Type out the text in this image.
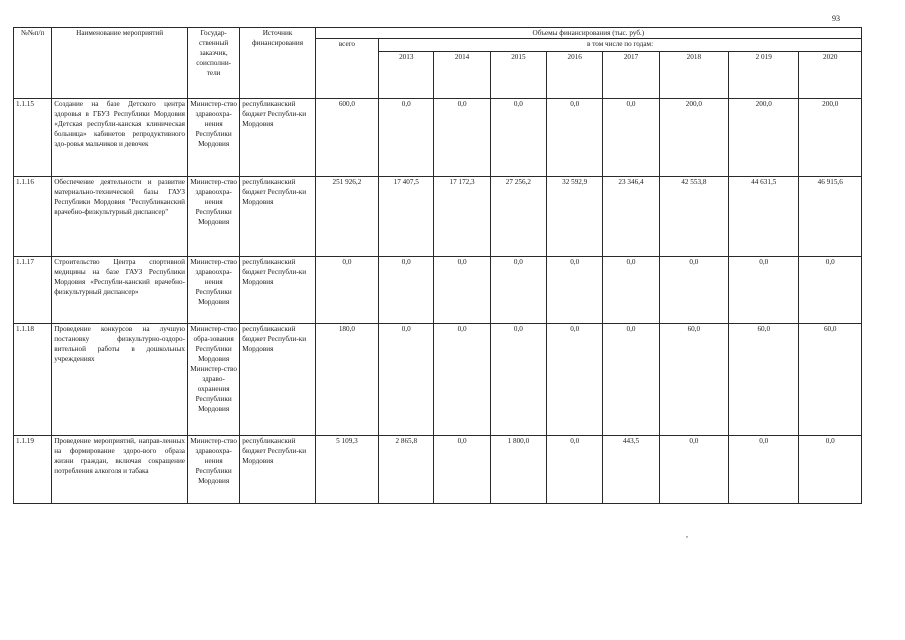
93
№№п/п	Наименование мероприятий	Государ-ственный заказчик, соисполни-тели	Источник финансирования	Объемы финансирования (тыс. руб.)								
				всего	в том числе по годам:							
					2013	2014	2015	2016	2017	2018	2 019	2020
1.1.15	Создание на базе Детского центра здоровья в ГБУЗ Республики Мордовия «Детская республи-канская клиническая больница» кабинетов репродуктивного здо-ровья мальчиков и девочек	Министер-ство здравоохра-нения Республики Мордовия	республиканский бюджет Республи-ки Мордовия	600,0	0,0	0,0	0,0	0,0	0,0	200,0	200,0	200,0
1.1.16	Обеспечение деятельности и развитие материально-технической базы ГАУЗ Республики Мордовия "Республиканский врачебно-физкультурный диспансер"	Министер-ство здравоохра-нения Республики Мордовия	республиканский бюджет Республи-ки Мордовия	251 926,2	17 407,5	17 172,3	27 256,2	32 592,9	23 346,4	42 553,8	44 631,5	46 915,6
1.1.17	Строительство Центра спортивной медицины на базе ГАУЗ Республики Мордовия «Республи-канский врачебно-физкультурный диспансер»	Министер-ство здравоохра-нения Республики Мордовия	республиканский бюджет Республи-ки Мордовия	0,0	0,0	0,0	0,0	0,0	0,0	0,0	0,0	0,0
1.1.18	Проведение конкурсов на лучшую постановку физкультурно-оздоро-вительной работы в дошкольных учреждениях	Министер-ство обра-зования Республики Мордовия Министер-ство здраво-охранения Республики Мордовия	республиканский бюджет Республи-ки Мордовия	180,0	0,0	0,0	0,0	0,0	0,0	60,0	60,0	60,0
1.1.19	Проведение мероприятий, направ-ленных на формирование здоро-вого образа жизни граждан, включая сокращение потребления алкоголя и табака	Министер-ство здравоохра-нения Республики Мордовия	республиканский бюджет Республи-ки Мордовия	5 109,3	2 865,8	0,0	1 800,0	0,0	443,5	0,0	0,0	0,0
,
